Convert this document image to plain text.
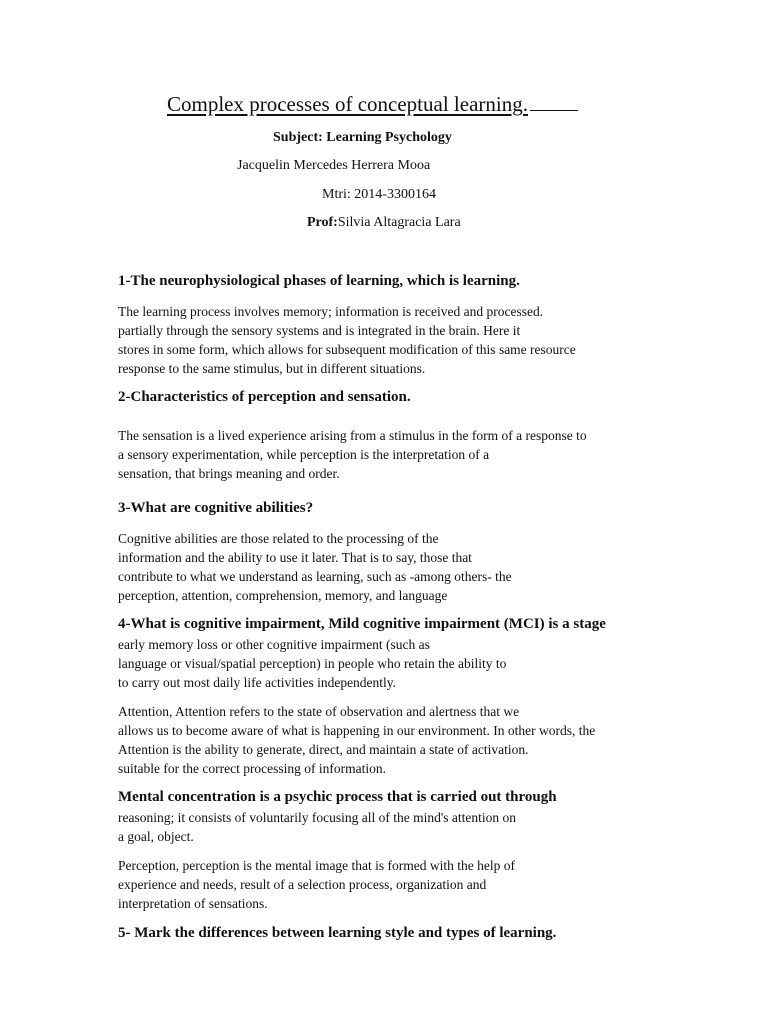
Complex processes of conceptual learning.
Subject: Learning Psychology
Jacquelin Mercedes Herrera Mooa
Mtri: 2014-3300164
Prof:Silvia Altagracia Lara
1-The neurophysiological phases of learning, which is learning.
The learning process involves memory; information is received and processed.
partially through the sensory systems and is integrated in the brain. Here it
stores in some form, which allows for subsequent modification of this same resource
response to the same stimulus, but in different situations.
2-Characteristics of perception and sensation.
The sensation is a lived experience arising from a stimulus in the form of a response to
a sensory experimentation, while perception is the interpretation of a
sensation, that brings meaning and order.
3-What are cognitive abilities?
Cognitive abilities are those related to the processing of the
information and the ability to use it later. That is to say, those that
contribute to what we understand as learning, such as -among others- the
perception, attention, comprehension, memory, and language
4-What is cognitive impairment, Mild cognitive impairment (MCI) is a stage
early memory loss or other cognitive impairment (such as
language or visual/spatial perception) in people who retain the ability to
to carry out most daily life activities independently.
Attention, Attention refers to the state of observation and alertness that we
allows us to become aware of what is happening in our environment. In other words, the
Attention is the ability to generate, direct, and maintain a state of activation.
suitable for the correct processing of information.
Mental concentration is a psychic process that is carried out through
reasoning; it consists of voluntarily focusing all of the mind's attention on
a goal, object.
Perception, perception is the mental image that is formed with the help of
experience and needs, result of a selection process, organization and
interpretation of sensations.
5- Mark the differences between learning style and types of learning.
